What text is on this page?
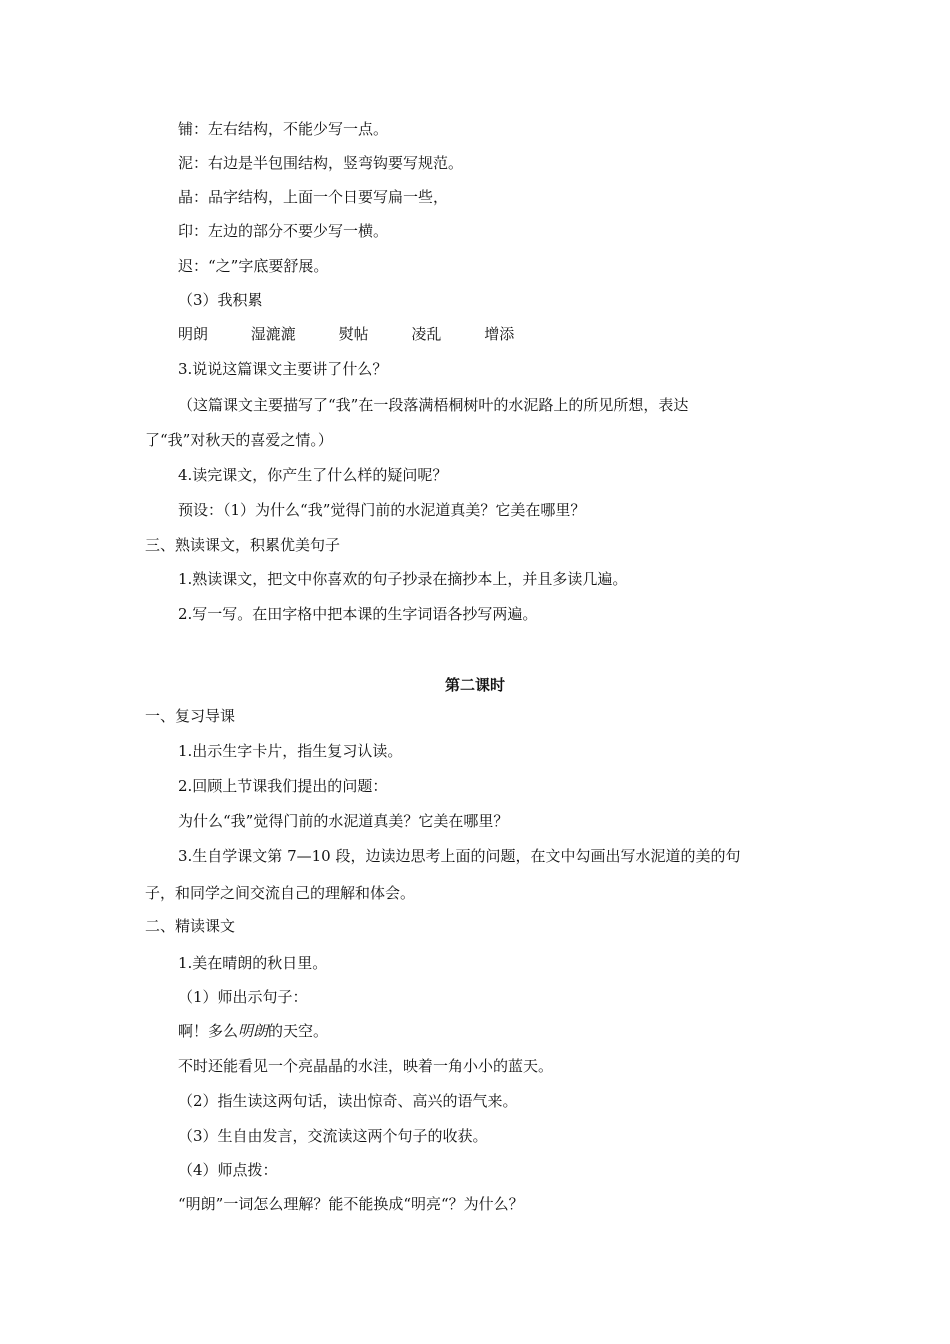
铺：左右结构，不能少写一点。
泥：右边是半包围结构，竖弯钩要写规范。
晶：品字结构，上面一个日要写扁一些，
印：左边的部分不要少写一横。
迟：“之”字底要舒展。
（3）我积累
明朗	湿漉漉	熨帖	凌乱	增添
3.说说这篇课文主要讲了什么？
（这篇课文主要描写了“我”在一段落满梧桐树叶的水泥路上的所见所想，表达
了“我”对秋天的喜爱之情。）
4.读完课文，你产生了什么样的疑问呢？
预设：（1）为什么“我”觉得门前的水泥道真美？它美在哪里？
三、熟读课文，积累优美句子
1.熟读课文，把文中你喜欢的句子抄录在摘抄本上，并且多读几遍。
2.写一写。在田字格中把本课的生字词语各抄写两遍。
第二课时
一、复习导课
1.出示生字卡片，指生复习认读。
2.回顾上节课我们提出的问题：
为什么“我”觉得门前的水泥道真美？它美在哪里？
3.生自学课文第 7—10 段，边读边思考上面的问题，在文中勾画出写水泥道的美的句
子，和同学之间交流自己的理解和体会。
二、精读课文
1.美在晴朗的秋日里。
（1）师出示句子：
啊！多么明朗的天空。
不时还能看见一个亮晶晶的水洼，映着一角小小的蓝天。
（2）指生读这两句话，读出惊奇、高兴的语气来。
（3）生自由发言，交流读这两个句子的收获。
（4）师点拨：
“明朗”一词怎么理解？能不能换成“明亮“？为什么？
